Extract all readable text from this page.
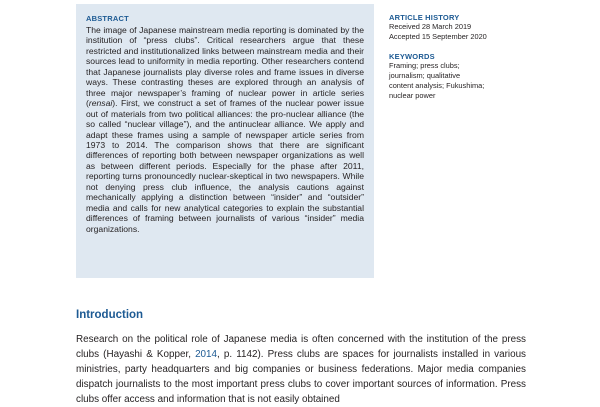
ABSTRACT

The image of Japanese mainstream media reporting is dominated by the institution of “press clubs”. Critical researchers argue that these restricted and institutionalized links between mainstream media and their sources lead to uniformity in media reporting. Other researchers contend that Japanese journalists play diverse roles and frame issues in diverse ways. These contrasting theses are explored through an analysis of three major newspaper’s framing of nuclear power in article series (rensai). First, we construct a set of frames of the nuclear power issue out of materials from two political alliances: the pro-nuclear alliance (the so called “nuclear village”), and the antinuclear alliance. We apply and adapt these frames using a sample of newspaper article series from 1973 to 2014. The comparison shows that there are significant differences of reporting both between newspaper organizations as well as between different periods. Especially for the phase after 2011, reporting turns pronouncedly nuclear-skeptical in two newspapers. While not denying press club influence, the analysis cautions against mechanically applying a distinction between “insider” and “outsider” media and calls for new analytical categories to explain the substantial differences of framing between journalists of various “insider” media organizations.

ARTICLE HISTORY

Received 28 March 2019

Accepted 15 September 2020

KEYWORDS

Framing; press clubs;

journalism; qualitative

content analysis; Fukushima;

nuclear power

Introduction

Research on the political role of Japanese media is often concerned with the institution of the press clubs (Hayashi & Kopper, 2014, p. 1142). Press clubs are spaces for journalists installed in various ministries, party headquarters and big companies or business federations. Major media companies dispatch journalists to the most important press clubs to cover important sources of information. Press clubs offer access and information that is not easily obtained
